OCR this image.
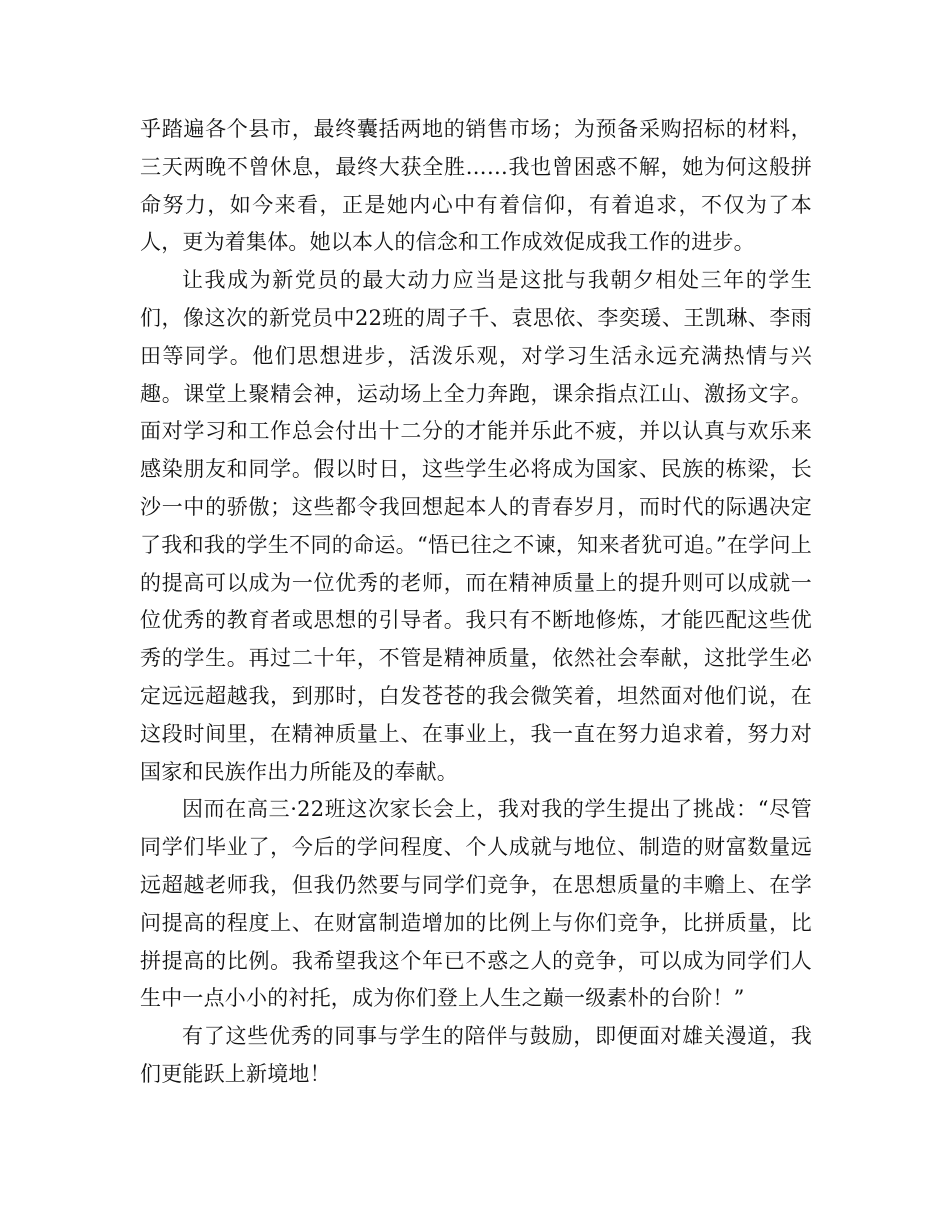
乎踏遍各个县市，最终囊括两地的销售市场；为预备采购招标的材料，三天两晚不曾休息，最终大获全胜……我也曾困惑不解，她为何这般拼命努力，如今来看，正是她内心中有着信仰，有着追求，不仅为了本人，更为着集体。她以本人的信念和工作成效促成我工作的进步。

让我成为新党员的最大动力应当是这批与我朝夕相处三年的学生们，像这次的新党员中22班的周子千、袁思依、李奕瑗、王凯琳、李雨田等同学。他们思想进步，活泼乐观，对学习生活永远充满热情与兴趣。课堂上聚精会神，运动场上全力奔跑，课余指点江山、激扬文字。面对学习和工作总会付出十二分的才能并乐此不疲，并以认真与欢乐来感染朋友和同学。假以时日，这些学生必将成为国家、民族的栋梁，长沙一中的骄傲；这些都令我回想起本人的青春岁月，而时代的际遇决定了我和我的学生不同的命运。“悟已往之不谏，知来者犹可追。”在学问上的提高可以成为一位优秀的老师，而在精神质量上的提升则可以成就一位优秀的教育者或思想的引导者。我只有不断地修炼，才能匹配这些优秀的学生。再过二十年，不管是精神质量，依然社会奉献，这批学生必定远远超越我，到那时，白发苍苍的我会微笑着，坦然面对他们说，在这段时间里，在精神质量上、在事业上，我一直在努力追求着，努力对国家和民族作出力所能及的奉献。

因而在高三·22班这次家长会上，我对我的学生提出了挑战：“尽管同学们毕业了，今后的学问程度、个人成就与地位、制造的财富数量远远超越老师我，但我仍然要与同学们竞争，在思想质量的丰赡上、在学问提高的程度上、在财富制造增加的比例上与你们竞争，比拼质量，比拼提高的比例。我希望我这个年已不惑之人的竞争，可以成为同学们人生中一点小小的衬托，成为你们登上人生之巅一级素朴的台阶！”

有了这些优秀的同事与学生的陪伴与鼓励，即便面对雄关漫道，我们更能跃上新境地！
